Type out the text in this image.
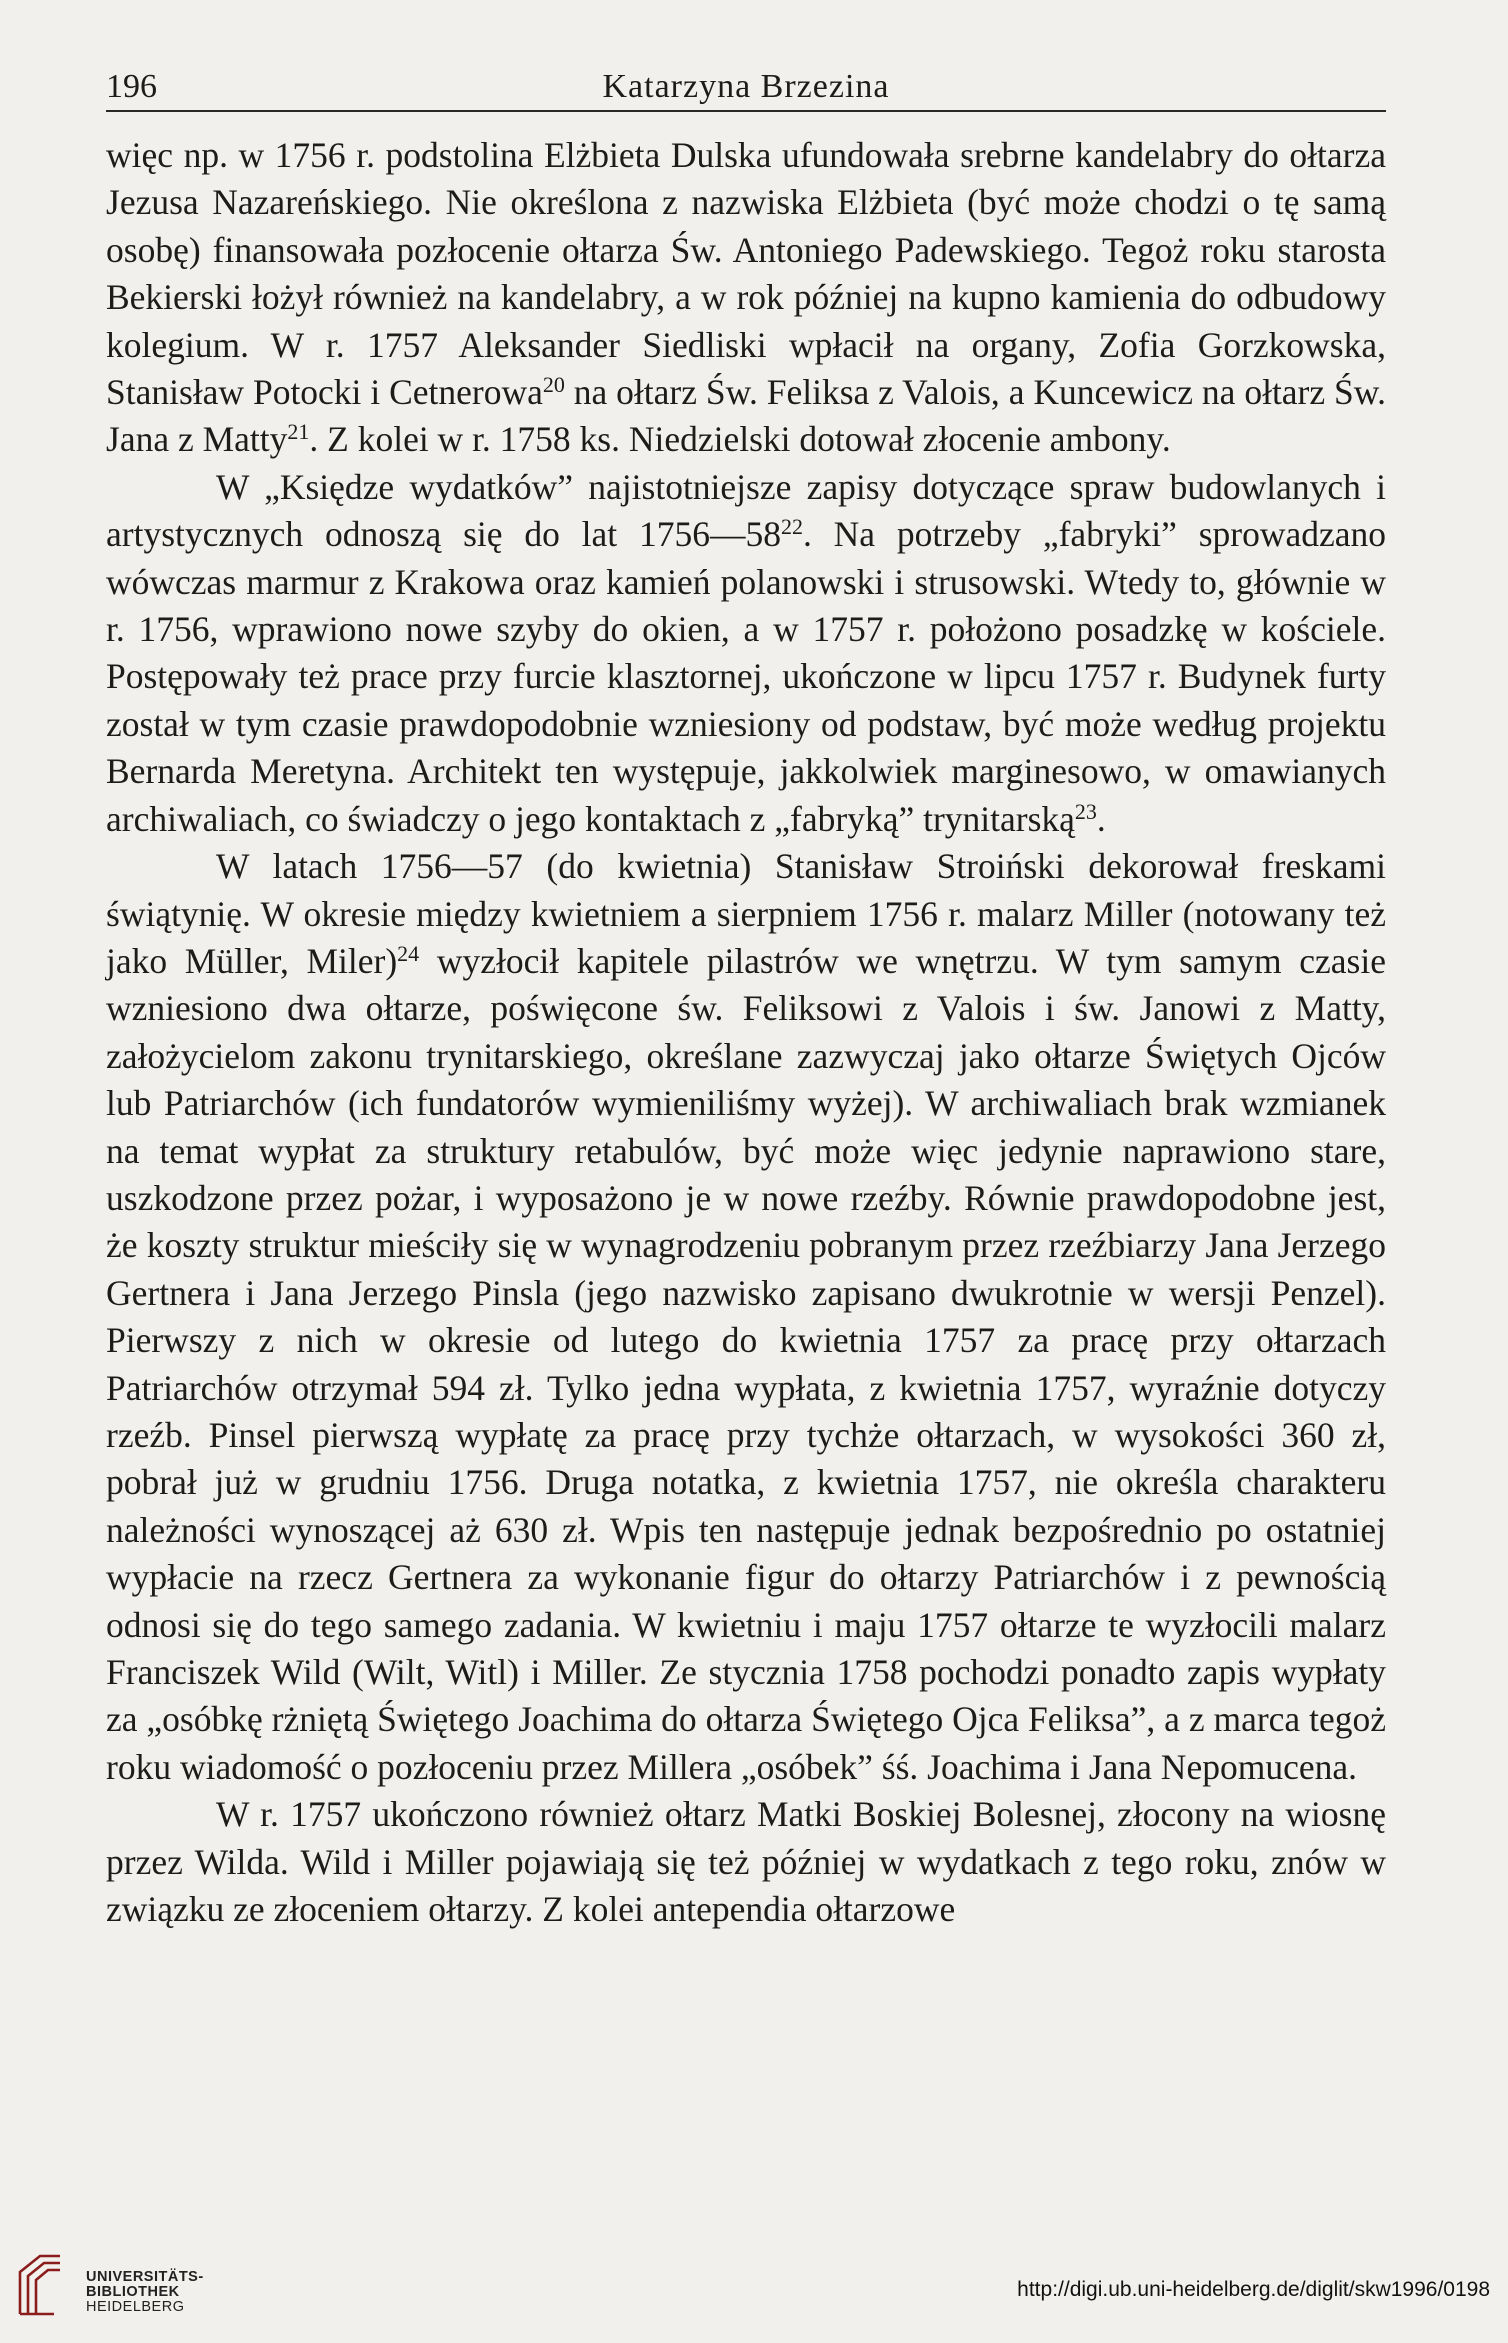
196	Katarzyna Brzezina

więc np. w 1756 r. podstolina Elżbieta Dulska ufundowała srebrne kandelabry do ołtarza Jezusa Nazareńskiego. Nie określona z nazwiska Elżbieta (być może chodzi o tę samą osobę) finansowała pozłocenie ołtarza Św. Antoniego Padewskiego. Tegoż roku starosta Bekierski łożył również na kandelabry, a w rok później na kupno kamienia do odbudowy kolegium. W r. 1757 Aleksander Siedliski wpłacił na organy, Zofia Gorzkowska, Stanisław Potocki i Cetnerowa$^{20}$ na ołtarz Św. Feliksa z Valois, a Kuncewicz na ołtarz Św. Jana z Matty$^{21}$. Z kolei w r. 1758 ks. Niedzielski dotował złocenie ambony.

W „Księdze wydatków” najistotniejsze zapisy dotyczące spraw budowlanych i artystycznych odnoszą się do lat $1756—58^{22}$. Na potrzeby „fabryki” sprowadzano wówczas marmur z Krakowa oraz kamień polanowski i strusowski. Wtedy to, głównie w r. 1756, wprawiono nowe szyby do okien, a w 1757 r. położono posadzkę w kościele. Postępowały też prace przy furcie klasztornej, ukończone w lipcu 1757 r. Budynek furty został w tym czasie prawdopodobnie wzniesiony od podstaw, być może według projektu Bernarda Meretyna. Architekt ten występuje, jakkolwiek marginesowo, w omawianych archiwaliach, co świadczy o jego kontaktach z „fabryką” trynitarską$^{23}$.

W latach 1756—57 (do kwietnia) Stanisław Stroiński dekorował freskami świątynię. W okresie między kwietniem a sierpniem 1756 r. malarz Miller (notowany też jako Müller, Miler)$^{24}$ wyzłocił kapitele pilastrów we wnętrzu. W tym samym czasie wzniesiono dwa ołtarze, poświęcone św. Feliksowi z Valois i św. Janowi z Matty, założycielom zakonu trynitarskiego, określane zazwyczaj jako ołtarze Świętych Ojców lub Patriarchów (ich fundatorów wymieniliśmy wyżej). W archiwaliach brak wzmianek na temat wypłat za struktury retabulów, być może więc jedynie naprawiono stare, uszkodzone przez pożar, i wyposażono je w nowe rzeźby. Równie prawdopodobne jest, że koszty struktur mieściły się w wynagrodzeniu pobranym przez rzeźbiarzy Jana Jerzego Gertnera i Jana Jerzego Pinsla (jego nazwisko zapisano dwukrotnie w wersji Penzel). Pierwszy z nich w okresie od lutego do kwietnia 1757 za pracę przy ołtarzach Patriarchów otrzymał 594 zł. Tylko jedna wypłata, z kwietnia 1757, wyraźnie dotyczy rzeźb. Pinsel pierwszą wypłatę za pracę przy tychże ołtarzach, w wysokości 360 zł, pobrał już w grudniu 1756. Druga notatka, z kwietnia 1757, nie określa charakteru należności wynoszącej aż 630 zł. Wpis ten następuje jednak bezpośrednio po ostatniej wypłacie na rzecz Gertnera za wykonanie figur do ołtarzy Patriarchów i z pewnością odnosi się do tego samego zadania. W kwietniu i maju 1757 ołtarze te wyzłocili malarz Franciszek Wild (Wilt, Witl) i Miller. Ze stycznia 1758 pochodzi ponadto zapis wypłaty za „osóbkę rżniętą Świętego Joachima do ołtarza Świętego Ojca Feliksa”, a z marca tegoż roku wiadomość o pozłoceniu przez Millera „osóbek” śś. Joachima i Jana Nepomucena.

W r. 1757 ukończono również ołtarz Matki Boskiej Bolesnej, złocony na wiosnę przez Wilda. Wild i Miller pojawiają się też później w wydatkach z tego roku, znów w związku ze złoceniem ołtarzy. Z kolei antependia ołtarzowe

UNIVERSITÄTS-
BIBLIOTHEK
HEIDELBERG
http://digi.ub.uni-heidelberg.de/diglit/skw1996/0198
